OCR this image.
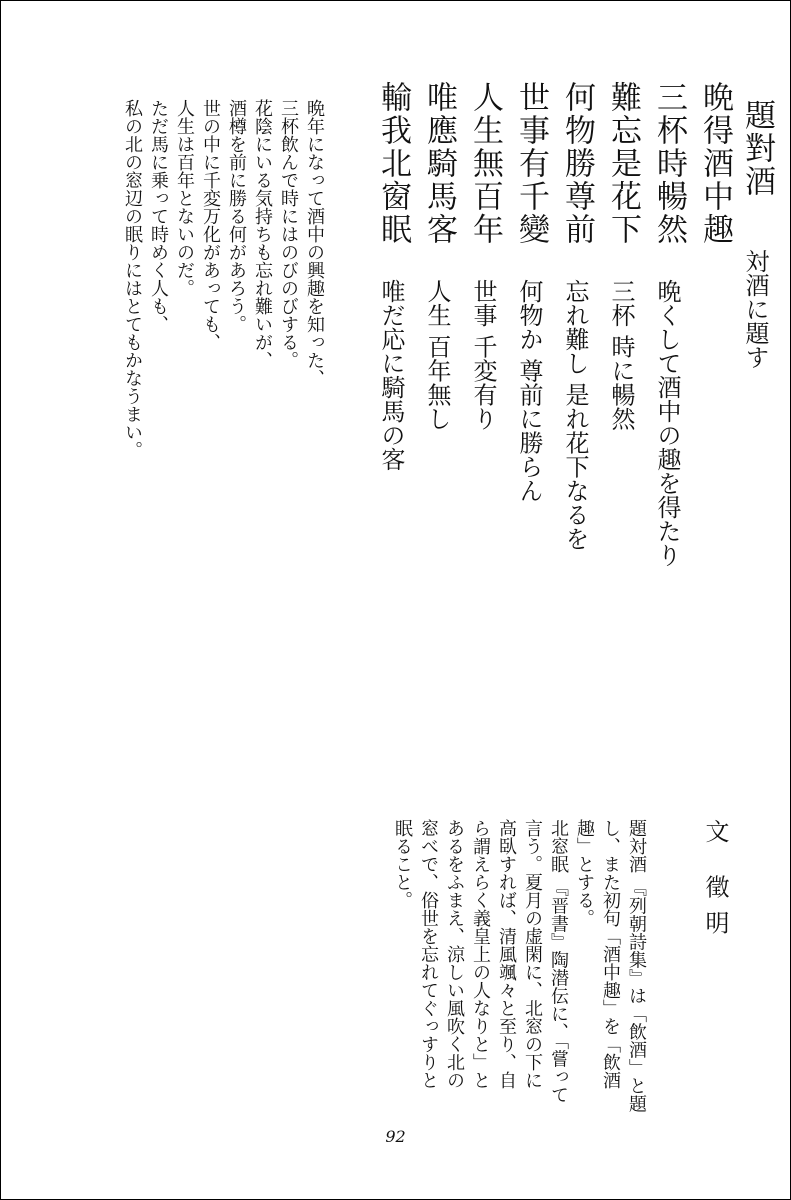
題對酒
晩得酒中趣
三杯時暢然
難忘是花下
何物勝尊前
世事有千變
人生無百年
唯應騎馬客
輸我北窗眠
対酒に題す
晩くして酒中の趣を得たり
三杯 時に暢然
忘れ難し 是れ花下なるを
何物か 尊前に勝らん
世事 千変有り
人生 百年無し
唯だ応に騎馬の客
晩年になって酒中の興趣を知った、
三杯飲んで時にはのびのびする。
花陰にいる気持ちも忘れ難いが、
酒樽を前に勝る何があろう。
世の中に千変万化があっても、
人生は百年とないのだ。
ただ馬に乗って時めく人も、
私の北の窓辺の眠りにはとてもかなうまい。
文 徵明
題対酒 『列朝詩集』は「飲酒」と題
し、また初句「酒中趣」を「飲酒
趣」とする。
北窓眠 『晋書』陶潜伝に、「嘗って
言う。夏月の虚閑に、北窓の下に
高臥すれば、清風颯々と至り、自
ら謂えらく義皇上の人なりと」と
あるをふまえ、涼しい風吹く北の
窓べで、俗世を忘れてぐっすりと
眠ること。
92
